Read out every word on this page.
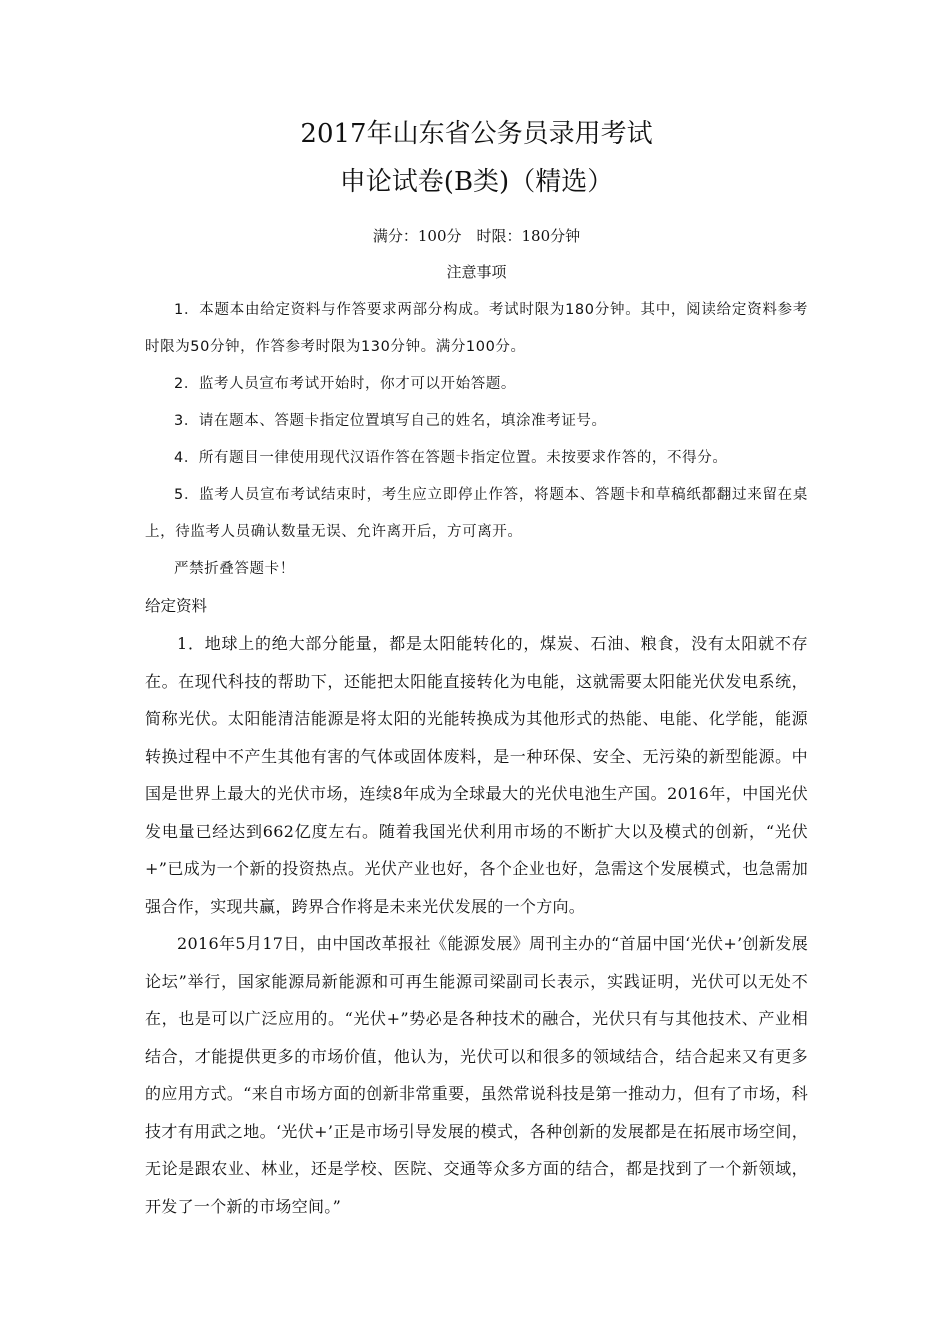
2017年山东省公务员录用考试
申论试卷(B类)（精选）
满分：100分　时限：180分钟
注意事项

1．本题本由给定资料与作答要求两部分构成。考试时限为180分钟。其中，阅读给定资料参考时限为50分钟，作答参考时限为130分钟。满分100分。

2．监考人员宣布考试开始时，你才可以开始答题。

3．请在题本、答题卡指定位置填写自己的姓名，填涂准考证号。

4．所有题目一律使用现代汉语作答在答题卡指定位置。未按要求作答的，不得分。

5．监考人员宣布考试结束时，考生应立即停止作答，将题本、答题卡和草稿纸都翻过来留在桌上，待监考人员确认数量无误、允许离开后，方可离开。

严禁折叠答题卡！

给定资料

1．地球上的绝大部分能量，都是太阳能转化的，煤炭、石油、粮食，没有太阳就不存在。在现代科技的帮助下，还能把太阳能直接转化为电能，这就需要太阳能光伏发电系统，简称光伏。太阳能清洁能源是将太阳的光能转换成为其他形式的热能、电能、化学能，能源转换过程中不产生其他有害的气体或固体废料，是一种环保、安全、无污染的新型能源。中国是世界上最大的光伏市场，连续8年成为全球最大的光伏电池生产国。2016年，中国光伏发电量已经达到662亿度左右。随着我国光伏利用市场的不断扩大以及模式的创新，“光伏+”已成为一个新的投资热点。光伏产业也好，各个企业也好，急需这个发展模式，也急需加强合作，实现共赢，跨界合作将是未来光伏发展的一个方向。

2016年5月17日，由中国改革报社《能源发展》周刊主办的“首届中国‘光伏+’创新发展论坛”举行，国家能源局新能源和可再生能源司梁副司长表示，实践证明，光伏可以无处不在，也是可以广泛应用的。“光伏+”势必是各种技术的融合，光伏只有与其他技术、产业相结合，才能提供更多的市场价值，他认为，光伏可以和很多的领域结合，结合起来又有更多的应用方式。“来自市场方面的创新非常重要，虽然常说科技是第一推动力，但有了市场，科技才有用武之地。‘光伏+’正是市场引导发展的模式，各种创新的发展都是在拓展市场空间，无论是跟农业、林业，还是学校、医院、交通等众多方面的结合，都是找到了一个新领域，开发了一个新的市场空间。”
